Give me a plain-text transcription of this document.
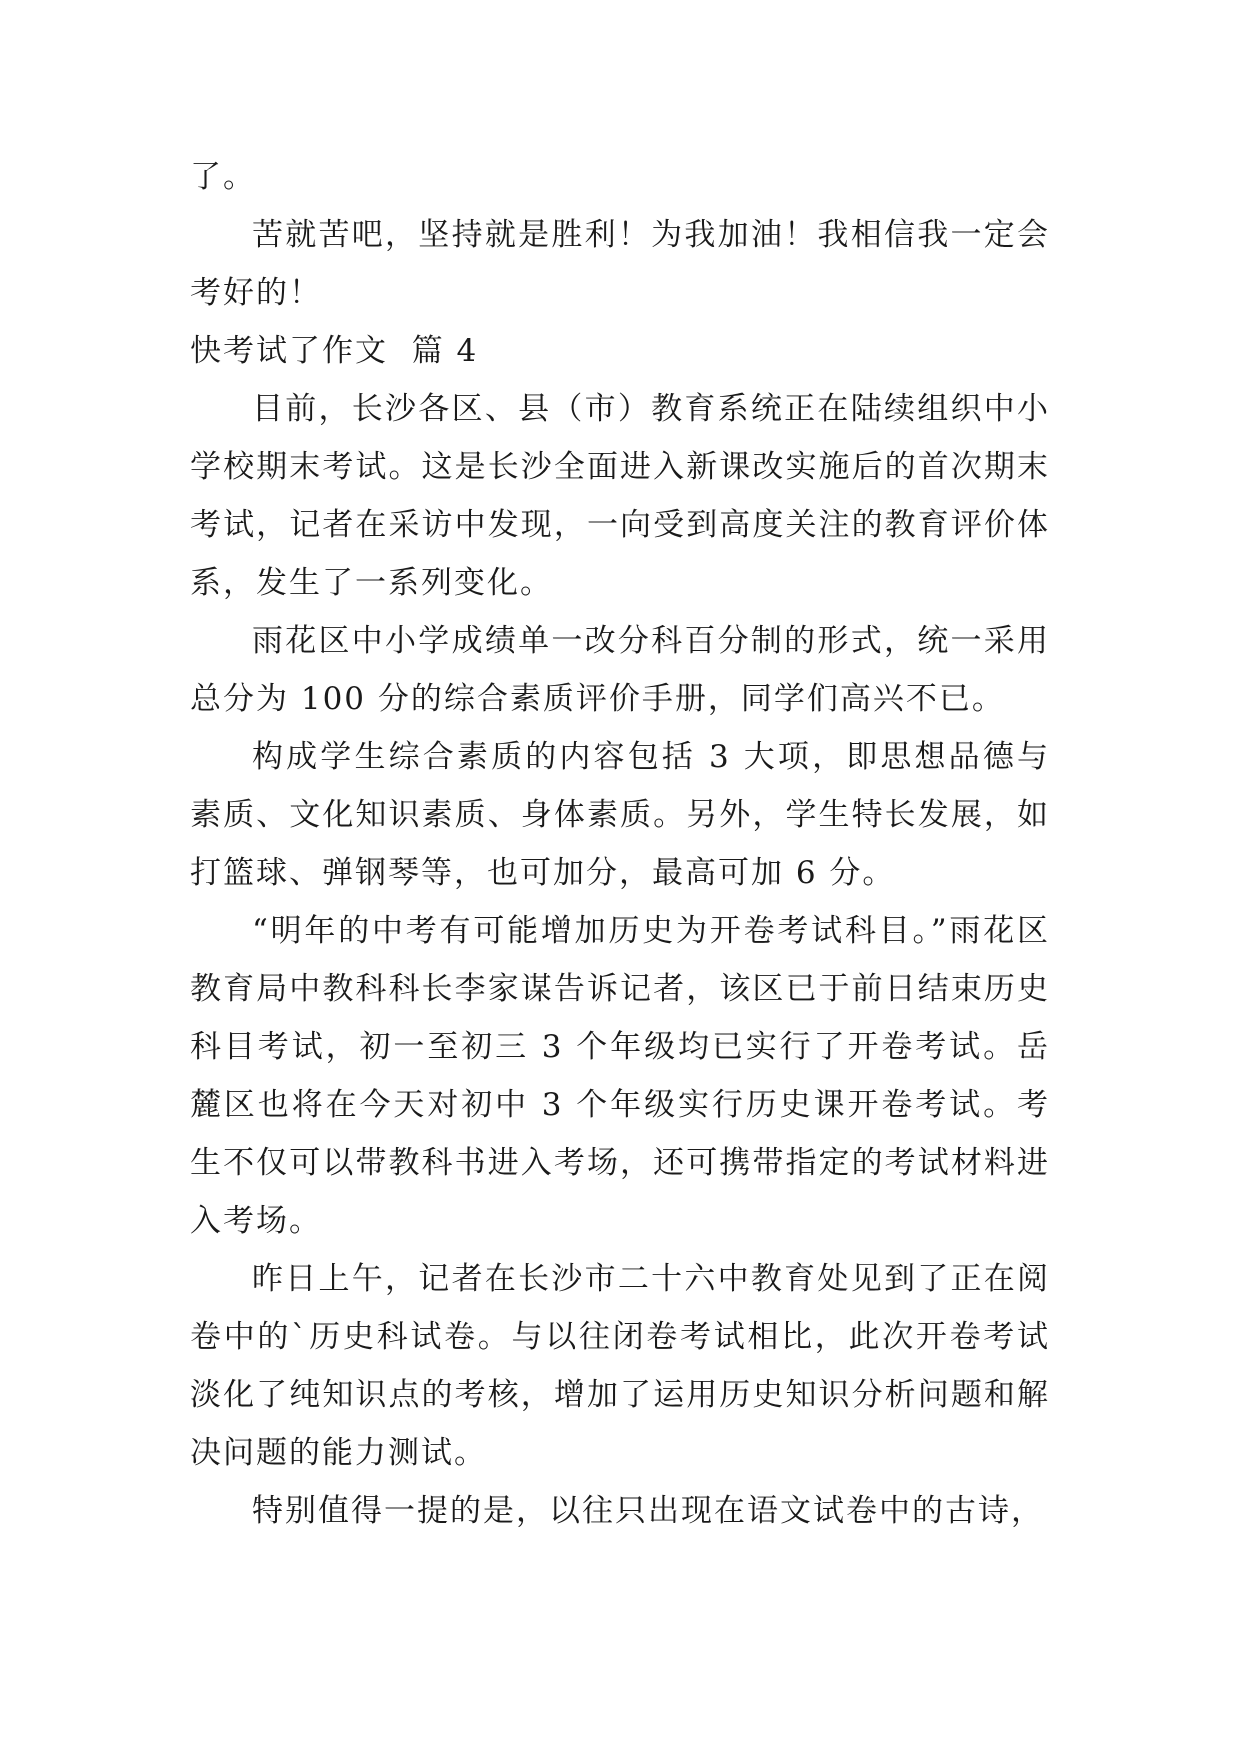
了。

苦就苦吧，坚持就是胜利！为我加油！我相信我一定会考好的！

快考试了作文  篇 4

目前，长沙各区、县（市）教育系统正在陆续组织中小学校期末考试。这是长沙全面进入新课改实施后的首次期末考试，记者在采访中发现，一向受到高度关注的教育评价体系，发生了一系列变化。

雨花区中小学成绩单一改分科百分制的形式，统一采用总分为 100 分的综合素质评价手册，同学们高兴不已。

构成学生综合素质的内容包括 3 大项，即思想品德与素质、文化知识素质、身体素质。另外，学生特长发展，如打篮球、弹钢琴等，也可加分，最高可加 6 分。

“明年的中考有可能增加历史为开卷考试科目。”雨花区教育局中教科科长李家谋告诉记者，该区已于前日结束历史科目考试，初一至初三 3 个年级均已实行了开卷考试。岳麓区也将在今天对初中 3 个年级实行历史课开卷考试。考生不仅可以带教科书进入考场，还可携带指定的考试材料进入考场。

昨日上午，记者在长沙市二十六中教育处见到了正在阅卷中的`历史科试卷。与以往闭卷考试相比，此次开卷考试淡化了纯知识点的考核，增加了运用历史知识分析问题和解决问题的能力测试。

特别值得一提的是，以往只出现在语文试卷中的古诗，
